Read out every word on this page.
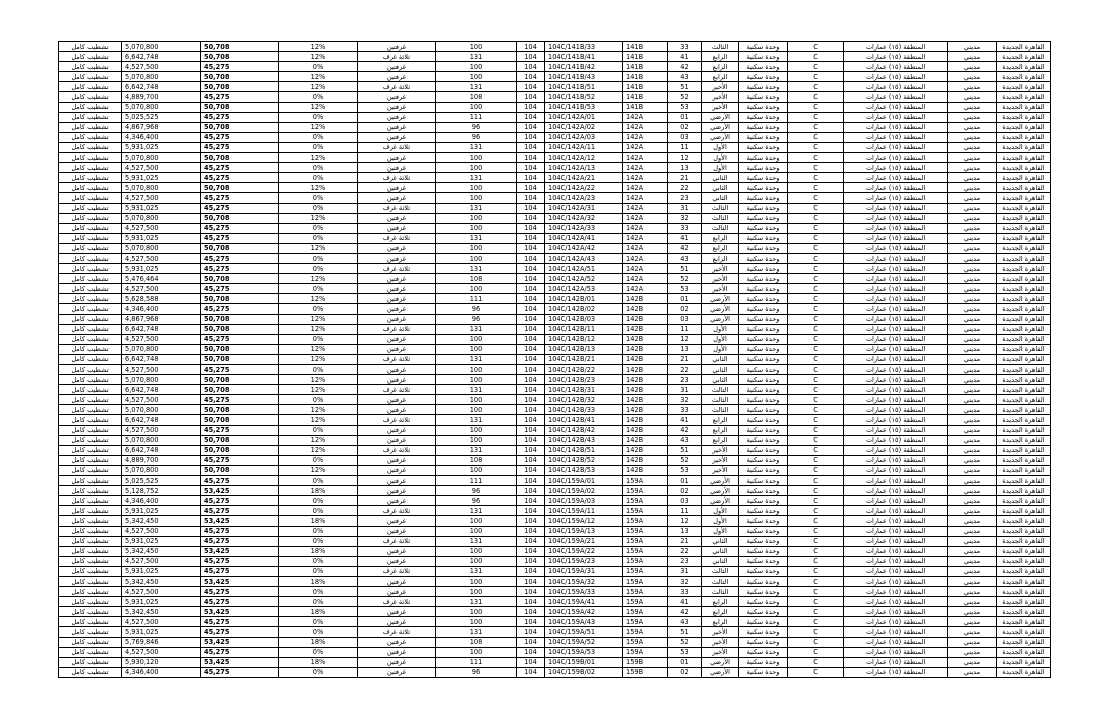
تشطيب كامل	5,070,800	50,708	12%	غرفتين	100	104	104C/141B/33	141B	33	الثالث	وحدة سكنية	C	المنطقة (١٥) عمارات	مديني	القاهرة الجديدة
تشطيب كامل	6,642,748	50,708	12%	ثلاثة غرف	131	104	104C/141B/41	141B	41	الرابع	وحدة سكنية	C	المنطقة (١٥) عمارات	مديني	القاهرة الجديدة
تشطيب كامل	4,527,500	45,275	0%	غرفتين	100	104	104C/141B/42	141B	42	الرابع	وحدة سكنية	C	المنطقة (١٥) عمارات	مديني	القاهرة الجديدة
تشطيب كامل	5,070,800	50,708	12%	غرفتين	100	104	104C/141B/43	141B	43	الرابع	وحدة سكنية	C	المنطقة (١٥) عمارات	مديني	القاهرة الجديدة
تشطيب كامل	6,642,748	50,708	12%	ثلاثة غرف	131	104	104C/141B/51	141B	51	الأخير	وحدة سكنية	C	المنطقة (١٥) عمارات	مديني	القاهرة الجديدة
تشطيب كامل	4,889,700	45,275	0%	غرفتين	108	104	104C/141B/52	141B	52	الأخير	وحدة سكنية	C	المنطقة (١٥) عمارات	مديني	القاهرة الجديدة
تشطيب كامل	5,070,800	50,708	12%	غرفتين	100	104	104C/141B/53	141B	53	الأخير	وحدة سكنية	C	المنطقة (١٥) عمارات	مديني	القاهرة الجديدة
تشطيب كامل	5,025,525	45,275	0%	غرفتين	111	104	104C/142A/01	142A	01	الأرضي	وحدة سكنية	C	المنطقة (١٥) عمارات	مديني	القاهرة الجديدة
تشطيب كامل	4,867,968	50,708	12%	غرفتين	96	104	104C/142A/02	142A	02	الأرضي	وحدة سكنية	C	المنطقة (١٥) عمارات	مديني	القاهرة الجديدة
تشطيب كامل	4,346,400	45,275	0%	غرفتين	96	104	104C/142A/03	142A	03	الأرضي	وحدة سكنية	C	المنطقة (١٥) عمارات	مديني	القاهرة الجديدة
تشطيب كامل	5,931,025	45,275	0%	ثلاثة غرف	131	104	104C/142A/11	142A	11	الأول	وحدة سكنية	C	المنطقة (١٥) عمارات	مديني	القاهرة الجديدة
تشطيب كامل	5,070,800	50,708	12%	غرفتين	100	104	104C/142A/12	142A	12	الأول	وحدة سكنية	C	المنطقة (١٥) عمارات	مديني	القاهرة الجديدة
تشطيب كامل	4,527,500	45,275	0%	غرفتين	100	104	104C/142A/13	142A	13	الأول	وحدة سكنية	C	المنطقة (١٥) عمارات	مديني	القاهرة الجديدة
تشطيب كامل	5,931,025	45,275	0%	ثلاثة غرف	131	104	104C/142A/21	142A	21	الثاني	وحدة سكنية	C	المنطقة (١٥) عمارات	مديني	القاهرة الجديدة
تشطيب كامل	5,070,800	50,708	12%	غرفتين	100	104	104C/142A/22	142A	22	الثاني	وحدة سكنية	C	المنطقة (١٥) عمارات	مديني	القاهرة الجديدة
تشطيب كامل	4,527,500	45,275	0%	غرفتين	100	104	104C/142A/23	142A	23	الثاني	وحدة سكنية	C	المنطقة (١٥) عمارات	مديني	القاهرة الجديدة
تشطيب كامل	5,931,025	45,275	0%	ثلاثة غرف	131	104	104C/142A/31	142A	31	الثالث	وحدة سكنية	C	المنطقة (١٥) عمارات	مديني	القاهرة الجديدة
تشطيب كامل	5,070,800	50,708	12%	غرفتين	100	104	104C/142A/32	142A	32	الثالث	وحدة سكنية	C	المنطقة (١٥) عمارات	مديني	القاهرة الجديدة
تشطيب كامل	4,527,500	45,275	0%	غرفتين	100	104	104C/142A/33	142A	33	الثالث	وحدة سكنية	C	المنطقة (١٥) عمارات	مديني	القاهرة الجديدة
تشطيب كامل	5,931,025	45,275	0%	ثلاثة غرف	131	104	104C/142A/41	142A	41	الرابع	وحدة سكنية	C	المنطقة (١٥) عمارات	مديني	القاهرة الجديدة
تشطيب كامل	5,070,800	50,708	12%	غرفتين	100	104	104C/142A/42	142A	42	الرابع	وحدة سكنية	C	المنطقة (١٥) عمارات	مديني	القاهرة الجديدة
تشطيب كامل	4,527,500	45,275	0%	غرفتين	100	104	104C/142A/43	142A	43	الرابع	وحدة سكنية	C	المنطقة (١٥) عمارات	مديني	القاهرة الجديدة
تشطيب كامل	5,931,025	45,275	0%	ثلاثة غرف	131	104	104C/142A/51	142A	51	الأخير	وحدة سكنية	C	المنطقة (١٥) عمارات	مديني	القاهرة الجديدة
تشطيب كامل	5,476,464	50,708	12%	غرفتين	108	104	104C/142A/52	142A	52	الأخير	وحدة سكنية	C	المنطقة (١٥) عمارات	مديني	القاهرة الجديدة
تشطيب كامل	4,527,500	45,275	0%	غرفتين	100	104	104C/142A/53	142A	53	الأخير	وحدة سكنية	C	المنطقة (١٥) عمارات	مديني	القاهرة الجديدة
تشطيب كامل	5,628,588	50,708	12%	غرفتين	111	104	104C/142B/01	142B	01	الأرضي	وحدة سكنية	C	المنطقة (١٥) عمارات	مديني	القاهرة الجديدة
تشطيب كامل	4,346,400	45,275	0%	غرفتين	96	104	104C/142B/02	142B	02	الأرضي	وحدة سكنية	C	المنطقة (١٥) عمارات	مديني	القاهرة الجديدة
تشطيب كامل	4,867,968	50,708	12%	غرفتين	96	104	104C/142B/03	142B	03	الأرضي	وحدة سكنية	C	المنطقة (١٥) عمارات	مديني	القاهرة الجديدة
تشطيب كامل	6,642,748	50,708	12%	ثلاثة غرف	131	104	104C/142B/11	142B	11	الأول	وحدة سكنية	C	المنطقة (١٥) عمارات	مديني	القاهرة الجديدة
تشطيب كامل	4,527,500	45,275	0%	غرفتين	100	104	104C/142B/12	142B	12	الأول	وحدة سكنية	C	المنطقة (١٥) عمارات	مديني	القاهرة الجديدة
تشطيب كامل	5,070,800	50,708	12%	غرفتين	100	104	104C/142B/13	142B	13	الأول	وحدة سكنية	C	المنطقة (١٥) عمارات	مديني	القاهرة الجديدة
تشطيب كامل	6,642,748	50,708	12%	ثلاثة غرف	131	104	104C/142B/21	142B	21	الثاني	وحدة سكنية	C	المنطقة (١٥) عمارات	مديني	القاهرة الجديدة
تشطيب كامل	4,527,500	45,275	0%	غرفتين	100	104	104C/142B/22	142B	22	الثاني	وحدة سكنية	C	المنطقة (١٥) عمارات	مديني	القاهرة الجديدة
تشطيب كامل	5,070,800	50,708	12%	غرفتين	100	104	104C/142B/23	142B	23	الثاني	وحدة سكنية	C	المنطقة (١٥) عمارات	مديني	القاهرة الجديدة
تشطيب كامل	6,642,748	50,708	12%	ثلاثة غرف	131	104	104C/142B/31	142B	31	الثالث	وحدة سكنية	C	المنطقة (١٥) عمارات	مديني	القاهرة الجديدة
تشطيب كامل	4,527,500	45,275	0%	غرفتين	100	104	104C/142B/32	142B	32	الثالث	وحدة سكنية	C	المنطقة (١٥) عمارات	مديني	القاهرة الجديدة
تشطيب كامل	5,070,800	50,708	12%	غرفتين	100	104	104C/142B/33	142B	33	الثالث	وحدة سكنية	C	المنطقة (١٥) عمارات	مديني	القاهرة الجديدة
تشطيب كامل	6,642,748	50,708	12%	ثلاثة غرف	131	104	104C/142B/41	142B	41	الرابع	وحدة سكنية	C	المنطقة (١٥) عمارات	مديني	القاهرة الجديدة
تشطيب كامل	4,527,500	45,275	0%	غرفتين	100	104	104C/142B/42	142B	42	الرابع	وحدة سكنية	C	المنطقة (١٥) عمارات	مديني	القاهرة الجديدة
تشطيب كامل	5,070,800	50,708	12%	غرفتين	100	104	104C/142B/43	142B	43	الرابع	وحدة سكنية	C	المنطقة (١٥) عمارات	مديني	القاهرة الجديدة
تشطيب كامل	6,642,748	50,708	12%	ثلاثة غرف	131	104	104C/142B/51	142B	51	الأخير	وحدة سكنية	C	المنطقة (١٥) عمارات	مديني	القاهرة الجديدة
تشطيب كامل	4,889,700	45,275	0%	غرفتين	108	104	104C/142B/52	142B	52	الأخير	وحدة سكنية	C	المنطقة (١٥) عمارات	مديني	القاهرة الجديدة
تشطيب كامل	5,070,800	50,708	12%	غرفتين	100	104	104C/142B/53	142B	53	الأخير	وحدة سكنية	C	المنطقة (١٥) عمارات	مديني	القاهرة الجديدة
تشطيب كامل	5,025,525	45,275	0%	غرفتين	111	104	104C/159A/01	159A	01	الأرضي	وحدة سكنية	C	المنطقة (١٥) عمارات	مديني	القاهرة الجديدة
تشطيب كامل	5,128,752	53,425	18%	غرفتين	96	104	104C/159A/02	159A	02	الأرضي	وحدة سكنية	C	المنطقة (١٥) عمارات	مديني	القاهرة الجديدة
تشطيب كامل	4,346,400	45,275	0%	غرفتين	96	104	104C/159A/03	159A	03	الأرضي	وحدة سكنية	C	المنطقة (١٥) عمارات	مديني	القاهرة الجديدة
تشطيب كامل	5,931,025	45,275	0%	ثلاثة غرف	131	104	104C/159A/11	159A	11	الأول	وحدة سكنية	C	المنطقة (١٥) عمارات	مديني	القاهرة الجديدة
تشطيب كامل	5,342,450	53,425	18%	غرفتين	100	104	104C/159A/12	159A	12	الأول	وحدة سكنية	C	المنطقة (١٥) عمارات	مديني	القاهرة الجديدة
تشطيب كامل	4,527,500	45,275	0%	غرفتين	100	104	104C/159A/13	159A	13	الأول	وحدة سكنية	C	المنطقة (١٥) عمارات	مديني	القاهرة الجديدة
تشطيب كامل	5,931,025	45,275	0%	ثلاثة غرف	131	104	104C/159A/21	159A	21	الثاني	وحدة سكنية	C	المنطقة (١٥) عمارات	مديني	القاهرة الجديدة
تشطيب كامل	5,342,450	53,425	18%	غرفتين	100	104	104C/159A/22	159A	22	الثاني	وحدة سكنية	C	المنطقة (١٥) عمارات	مديني	القاهرة الجديدة
تشطيب كامل	4,527,500	45,275	0%	غرفتين	100	104	104C/159A/23	159A	23	الثاني	وحدة سكنية	C	المنطقة (١٥) عمارات	مديني	القاهرة الجديدة
تشطيب كامل	5,931,025	45,275	0%	ثلاثة غرف	131	104	104C/159A/31	159A	31	الثالث	وحدة سكنية	C	المنطقة (١٥) عمارات	مديني	القاهرة الجديدة
تشطيب كامل	5,342,450	53,425	18%	غرفتين	100	104	104C/159A/32	159A	32	الثالث	وحدة سكنية	C	المنطقة (١٥) عمارات	مديني	القاهرة الجديدة
تشطيب كامل	4,527,500	45,275	0%	غرفتين	100	104	104C/159A/33	159A	33	الثالث	وحدة سكنية	C	المنطقة (١٥) عمارات	مديني	القاهرة الجديدة
تشطيب كامل	5,931,025	45,275	0%	ثلاثة غرف	131	104	104C/159A/41	159A	41	الرابع	وحدة سكنية	C	المنطقة (١٥) عمارات	مديني	القاهرة الجديدة
تشطيب كامل	5,342,450	53,425	18%	غرفتين	100	104	104C/159A/42	159A	42	الرابع	وحدة سكنية	C	المنطقة (١٥) عمارات	مديني	القاهرة الجديدة
تشطيب كامل	4,527,500	45,275	0%	غرفتين	100	104	104C/159A/43	159A	43	الرابع	وحدة سكنية	C	المنطقة (١٥) عمارات	مديني	القاهرة الجديدة
تشطيب كامل	5,931,025	45,275	0%	ثلاثة غرف	131	104	104C/159A/51	159A	51	الأخير	وحدة سكنية	C	المنطقة (١٥) عمارات	مديني	القاهرة الجديدة
تشطيب كامل	5,769,846	53,425	18%	غرفتين	108	104	104C/159A/52	159A	52	الأخير	وحدة سكنية	C	المنطقة (١٥) عمارات	مديني	القاهرة الجديدة
تشطيب كامل	4,527,500	45,275	0%	غرفتين	100	104	104C/159A/53	159A	53	الأخير	وحدة سكنية	C	المنطقة (١٥) عمارات	مديني	القاهرة الجديدة
تشطيب كامل	5,930,120	53,425	18%	غرفتين	111	104	104C/159B/01	159B	01	الأرضي	وحدة سكنية	C	المنطقة (١٥) عمارات	مديني	القاهرة الجديدة
تشطيب كامل	4,346,400	45,275	0%	غرفتين	96	104	104C/159B/02	159B	02	الأرضي	وحدة سكنية	C	المنطقة (١٥) عمارات	مديني	القاهرة الجديدة
